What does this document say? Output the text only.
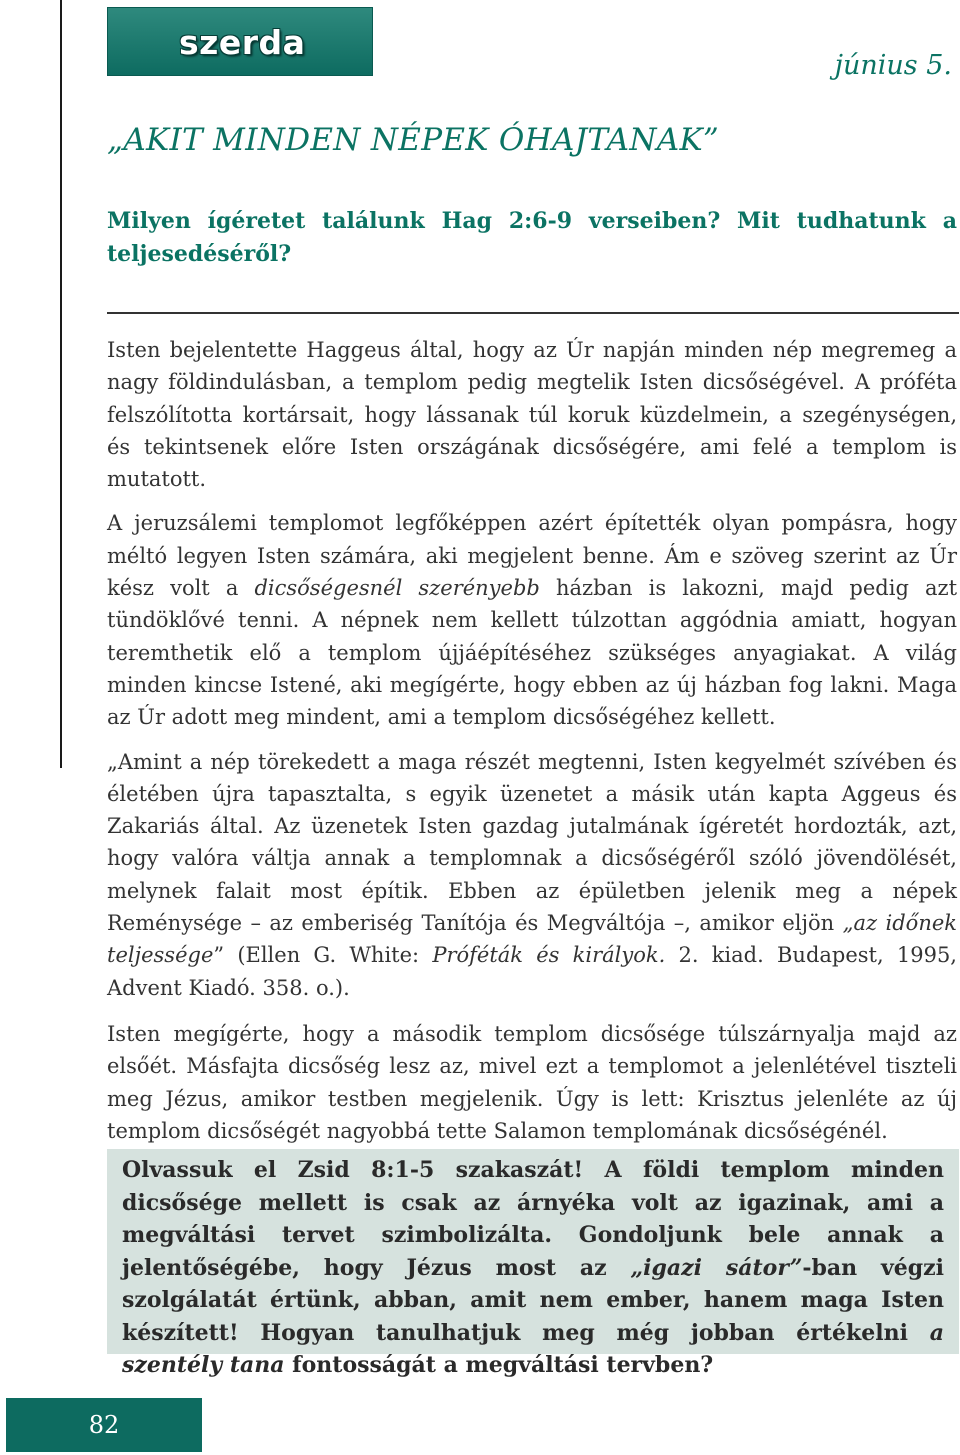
szerda
június 5.
„AKIT MINDEN NÉPEK ÓHAJTANAK”
Milyen ígéretet találunk Hag 2:6-9 verseiben? Mit tudhatunk a teljesedéséről?

Isten bejelentette Haggeus által, hogy az Úr napján minden nép megremeg a nagy földindulásban, a templom pedig megtelik Isten dicsőségével. A próféta felszólította kortársait, hogy lássanak túl koruk küzdelmein, a szegénységen, és tekintsenek előre Isten országának dicsőségére, ami felé a templom is mutatott.

A jeruzsálemi templomot legfőképpen azért építették olyan pompásra, hogy méltó legyen Isten számára, aki megjelent benne. Ám e szöveg szerint az Úr kész volt a dicsőségesnél szerényebb házban is lakozni, majd pedig azt tündöklővé tenni. A népnek nem kellett túlzottan aggódnia amiatt, hogyan teremthetik elő a templom újjáépítéséhez szükséges anyagiakat. A világ minden kincse Istené, aki megígérte, hogy ebben az új házban fog lakni. Maga az Úr adott meg mindent, ami a templom dicsőségéhez kellett.

„Amint a nép törekedett a maga részét megtenni, Isten kegyelmét szívében és életében újra tapasztalta, s egyik üzenetet a másik után kapta Aggeus és Zakariás által. Az üzenetek Isten gazdag jutalmának ígéretét hordozták, azt, hogy valóra váltja annak a templomnak a dicsőségéről szóló jövendölését, melynek falait most építik. Ebben az épületben jelenik meg a népek Reménysége – az emberiség Tanítója és Megváltója –, amikor eljön „az időnek teljessége” (Ellen G. White: Próféták és királyok. 2. kiad. Budapest, 1995, Advent Kiadó. 358. o.).

Isten megígérte, hogy a második templom dicsősége túlszárnyalja majd az elsőét. Másfajta dicsőség lesz az, mivel ezt a templomot a jelenlétével tiszteli meg Jézus, amikor testben megjelenik. Úgy is lett: Krisztus jelenléte az új templom dicsőségét nagyobbá tette Salamon templomának dicsőségénél.

Olvassuk el Zsid 8:1-5 szakaszát! A földi templom minden dicsősége mellett is csak az árnyéka volt az igazinak, ami a megváltási tervet szimbolizálta. Gondoljunk bele annak a jelentőségébe, hogy Jézus most az „igazi sátor”-ban végzi szolgálatát értünk, abban, amit nem ember, hanem maga Isten készített! Hogyan tanulhatjuk meg még jobban értékelni a szentély tana fontosságát a megváltási tervben?

82
